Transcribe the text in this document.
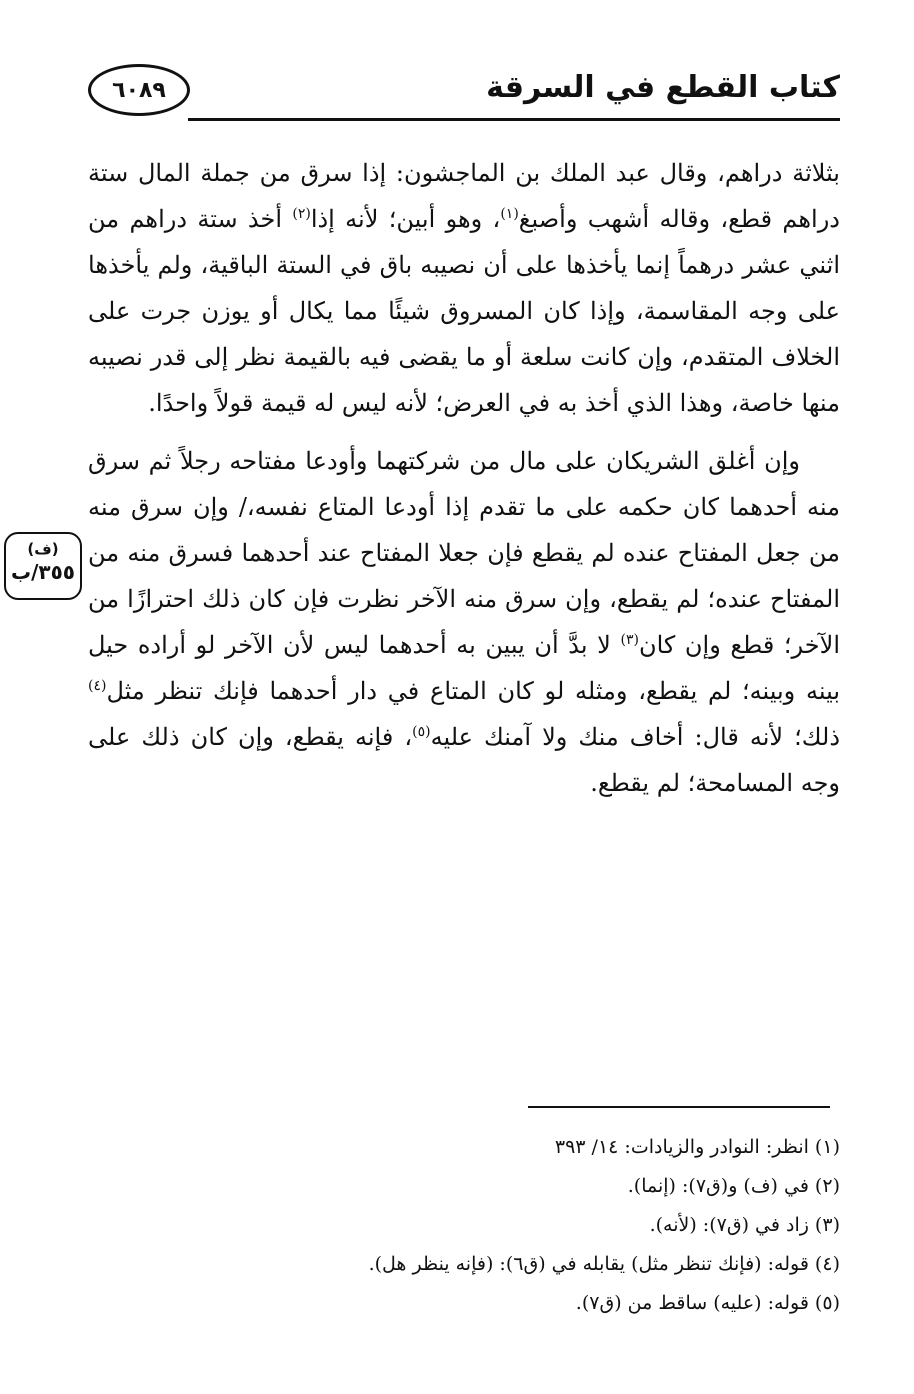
٦٠٨٩	كتاب القطع في السرقة
(ف)
٣٥٥/ب

بثلاثة دراهم، وقال عبد الملك بن الماجشون: إذا سرق من جملة المال ستة دراهم قطع، وقاله أشهب وأصبغ$^{(١)}$، وهو أبين؛ لأنه إذا$^{(٢)}$ أخذ ستة دراهم من اثني عشر درهماً إنما يأخذها على أن نصيبه باق في الستة الباقية، ولم يأخذها على وجه المقاسمة، وإذا كان المسروق شيئًا مما يكال أو يوزن جرت على الخلاف المتقدم، وإن كانت سلعة أو ما يقضى فيه بالقيمة نظر إلى قدر نصيبه منها خاصة، وهذا الذي أخذ به في العرض؛ لأنه ليس له قيمة قولاً واحدًا.

وإن أغلق الشريكان على مال من شركتهما وأودعا مفتاحه رجلاً ثم سرق منه أحدهما كان حكمه على ما تقدم إذا أودعا المتاع نفسه،/ وإن سرق منه من جعل المفتاح عنده لم يقطع فإن جعلا المفتاح عند أحدهما فسرق منه من المفتاح عنده؛ لم يقطع، وإن سرق منه الآخر نظرت فإن كان ذلك احترازًا من الآخر؛ قطع وإن كان$^{(٣)}$ لا بدَّ أن يبين به أحدهما ليس لأن الآخر لو أراده حيل بينه وبينه؛ لم يقطع، ومثله لو كان المتاع في دار أحدهما فإنك تنظر مثل$^{(٤)}$ ذلك؛ لأنه قال: أخاف منك ولا آمنك عليه$^{(٥)}$، فإنه يقطع، وإن كان ذلك على وجه المسامحة؛ لم يقطع.

(١) انظر: النوادر والزيادات: ١٤/ ٣٩٣
(٢) في (ف) و(ق٧): (إنما).
(٣) زاد في (ق٧): (لأنه).
(٤) قوله: (فإنك تنظر مثل) يقابله في (ق٦): (فإنه ينظر هل).
(٥) قوله: (عليه) ساقط من (ق٧).
